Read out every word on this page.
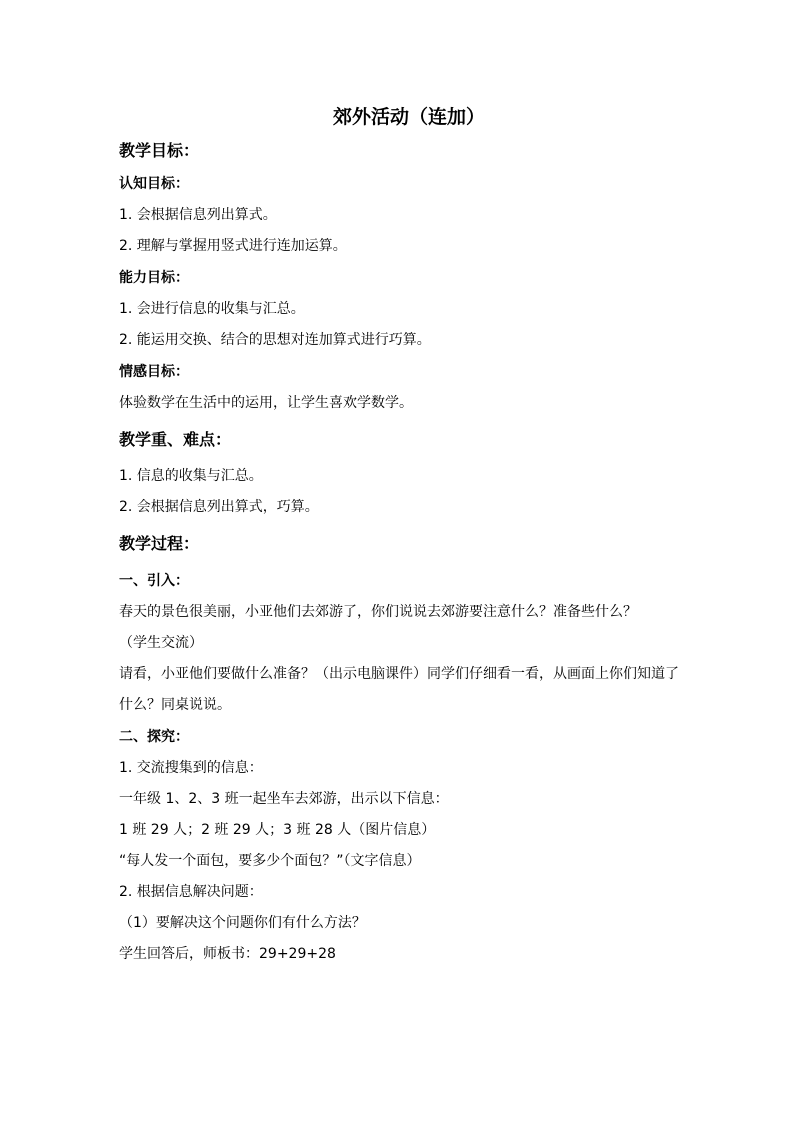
郊外活动（连加）
教学目标：
认知目标：
1. 会根据信息列出算式。
2. 理解与掌握用竖式进行连加运算。
能力目标：
1. 会进行信息的收集与汇总。
2. 能运用交换、结合的思想对连加算式进行巧算。
情感目标：
体验数学在生活中的运用，让学生喜欢学数学。
教学重、难点：
1. 信息的收集与汇总。
2. 会根据信息列出算式，巧算。
教学过程：
一、引入：
春天的景色很美丽，小亚他们去郊游了，你们说说去郊游要注意什么？准备些什么？
（学生交流）
请看，小亚他们要做什么准备？（出示电脑课件）同学们仔细看一看，从画面上你们知道了什么？同桌说说。
二、探究：
1. 交流搜集到的信息：
一年级 1、2、3 班一起坐车去郊游，出示以下信息：
1 班 29 人；2 班 29 人；3 班 28 人（图片信息）
“每人发一个面包，要多少个面包？”（文字信息）
2. 根据信息解决问题：
（1）要解决这个问题你们有什么方法？
学生回答后，师板书：29+29+28
